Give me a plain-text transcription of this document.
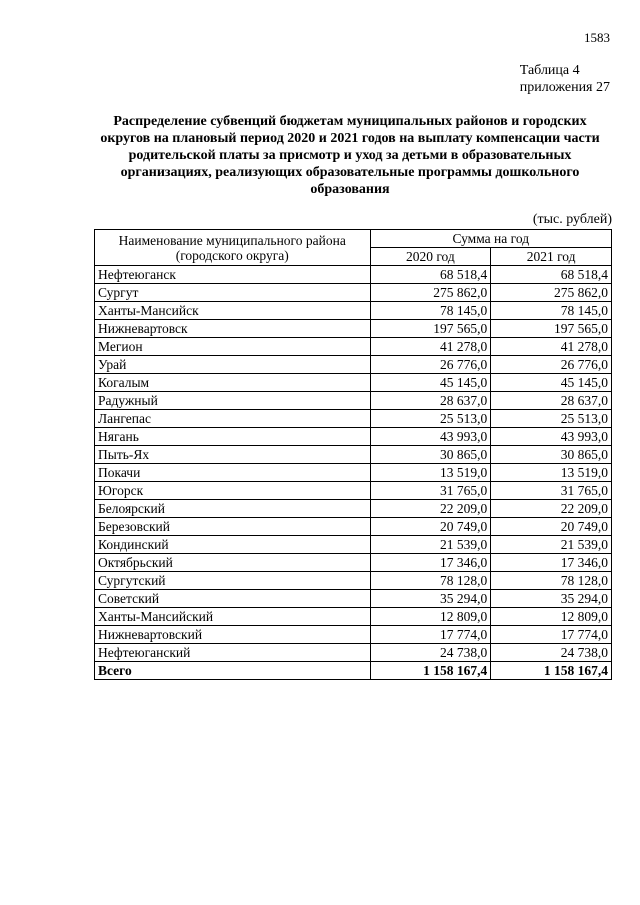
1583
Таблица 4
приложения 27
Распределение субвенций бюджетам муниципальных районов и городских округов на плановый период 2020 и 2021 годов на выплату компенсации части родительской платы за присмотр и уход за детьми в образовательных организациях, реализующих образовательные программы дошкольного образования
(тыс. рублей)
Наименование муниципального района (городского округа)	Сумма на год	
	2020 год	2021 год
Нефтеюганск	68 518,4	68 518,4
Сургут	275 862,0	275 862,0
Ханты-Мансийск	78 145,0	78 145,0
Нижневартовск	197 565,0	197 565,0
Мегион	41 278,0	41 278,0
Урай	26 776,0	26 776,0
Когалым	45 145,0	45 145,0
Радужный	28 637,0	28 637,0
Лангепас	25 513,0	25 513,0
Нягань	43 993,0	43 993,0
Пыть-Ях	30 865,0	30 865,0
Покачи	13 519,0	13 519,0
Югорск	31 765,0	31 765,0
Белоярский	22 209,0	22 209,0
Березовский	20 749,0	20 749,0
Кондинский	21 539,0	21 539,0
Октябрьский	17 346,0	17 346,0
Сургутский	78 128,0	78 128,0
Советский	35 294,0	35 294,0
Ханты-Мансийский	12 809,0	12 809,0
Нижневартовский	17 774,0	17 774,0
Нефтеюганский	24 738,0	24 738,0
Всего	1 158 167,4	1 158 167,4
